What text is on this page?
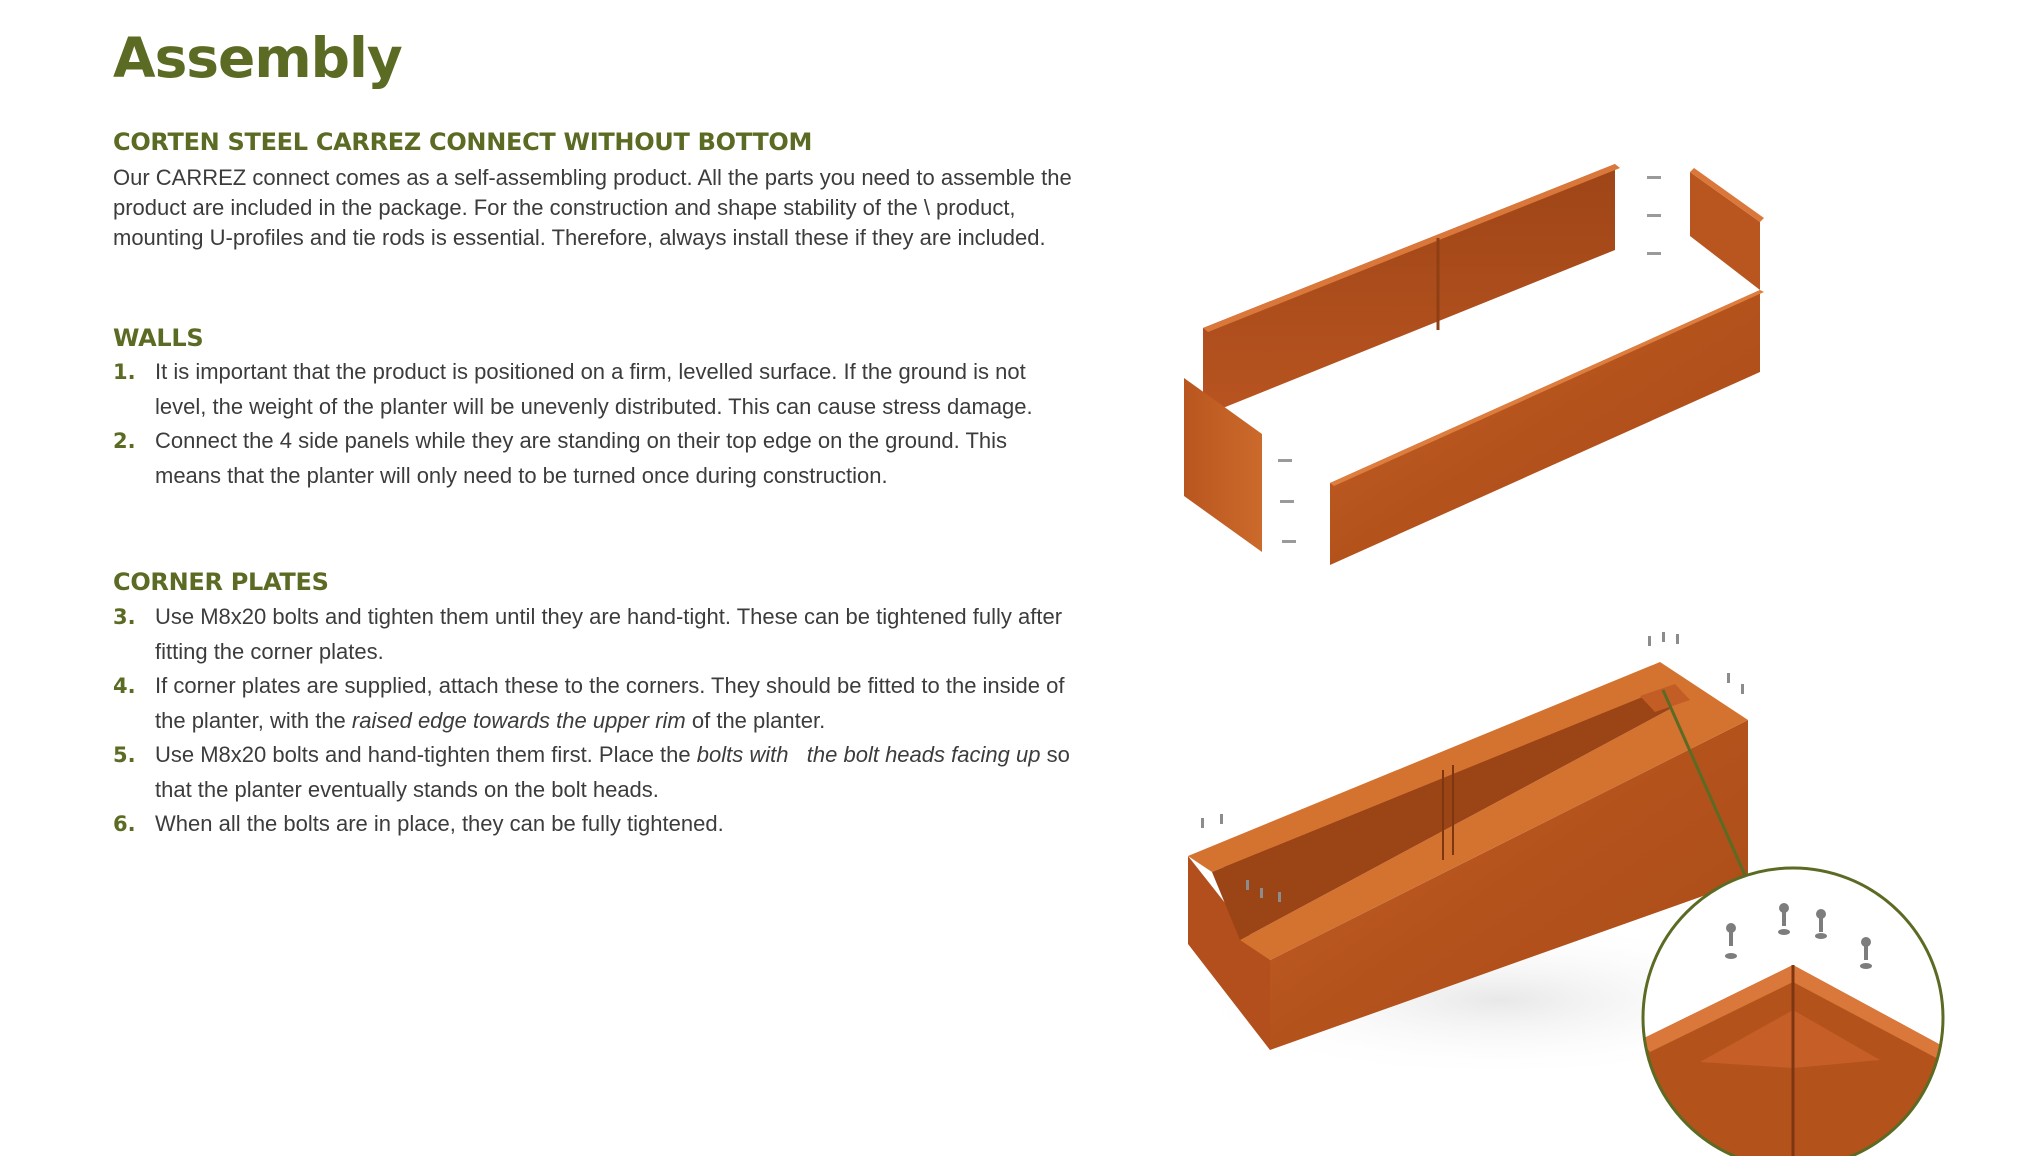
Assembly
CORTEN STEEL CARREZ CONNECT WITHOUT BOTTOM

Our CARREZ connect comes as a self-assembling product. All the parts you need to assemble the product are included in the package. For the construction and shape stability of the \ product, mounting U-profiles and tie rods is essential. Therefore, always install these if they are included.

WALLS
1. It is important that the product is positioned on a firm, levelled surface. If the ground is not level, the weight of the planter will be unevenly distributed. This can cause stress damage.
2. Connect the 4 side panels while they are standing on their top edge on the ground. This means that the planter will only need to be turned once during construction.
CORNER PLATES
3. Use M8x20 bolts and tighten them until they are hand-tight. These can be tightened fully after fitting the corner plates.
4. If corner plates are supplied, attach these to the corners. They should be fitted to the inside of the planter, with the raised edge towards the upper rim of the planter.
5. Use M8x20 bolts and hand-tighten them first. Place the bolts with   the bolt heads facing up so that the planter eventually stands on the bolt heads.
6. When all the bolts are in place, they can be fully tightened.
